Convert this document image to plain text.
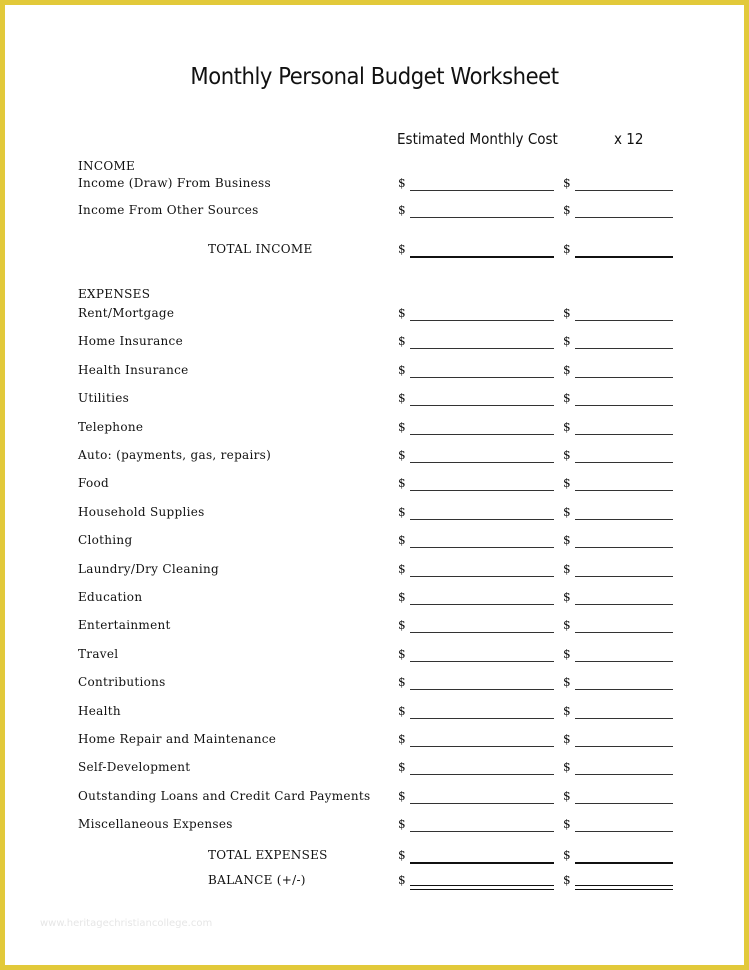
Monthly Personal Budget Worksheet
Estimated Monthly Cost	x 12
INCOME
Income (Draw) From Business	$	$
Income From Other Sources	$	$
TOTAL INCOME	$	$
EXPENSES
Rent/Mortgage	$	$
Home Insurance	$	$
Health Insurance	$	$
Utilities	$	$
Telephone	$	$
Auto: (payments, gas, repairs)	$	$
Food	$	$
Household Supplies	$	$
Clothing	$	$
Laundry/Dry Cleaning	$	$
Education	$	$
Entertainment	$	$
Travel	$	$
Contributions	$	$
Health	$	$
Home Repair and Maintenance	$	$
Self-Development	$	$
Outstanding Loans and Credit Card Payments $	$
Miscellaneous Expenses	$	$
TOTAL EXPENSES	$	$
BALANCE (+/-)	$	$
www.heritagechristiancollege.com
